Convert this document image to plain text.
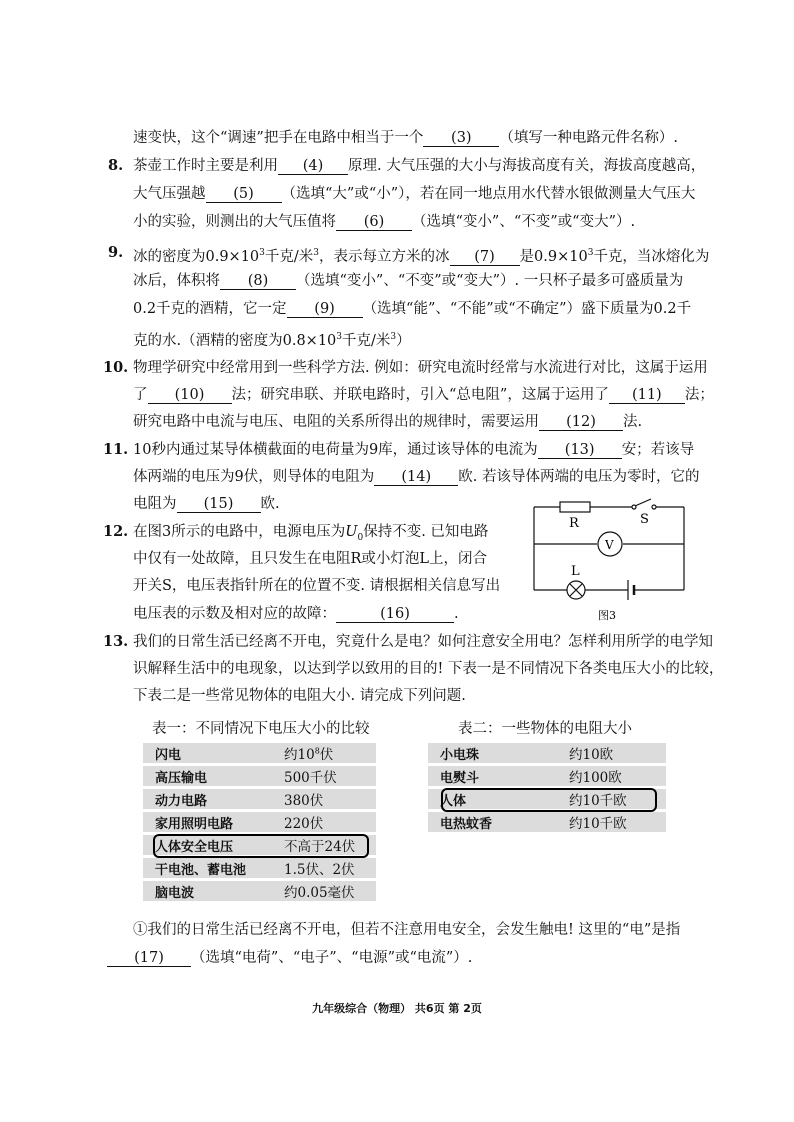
速变快，这个“调速”把手在电路中相当于一个 (3) （填写一种电路元件名称）.
8. 茶壶工作时主要是利用 (4) 原理. 大气压强的大小与海拔高度有关，海拔高度越高，
大气压强越 (5) （选填“大”或“小”），若在同一地点用水代替水银做测量大气压大
小的实验，则测出的大气压值将 (6) （选填“变小”、“不变”或“变大”）.
9. 冰的密度为$0.9\times 10^3$千克/米$^3$，表示每立方米的冰 (7) 是$0.9\times 10^3$千克，当冰熔化为
冰后，体积将 (8) （选填“变小”、“不变”或“变大”）. 一只杯子最多可盛质量为
0.2千克的酒精，它一定 (9) （选填“能”、“不能”或“不确定”）盛下质量为0.2千
克的水.（酒精的密度为$0.8\times 10^3$千克/米$^3$）
10. 物理学研究中经常用到一些科学方法. 例如：研究电流时经常与水流进行对比，这属于运用
了 (10) 法；研究串联、并联电路时，引入“总电阻”，这属于运用了 (11) 法；
研究电路中电流与电压、电阻的关系所得出的规律时，需要运用 (12) 法.
11. 10秒内通过某导体横截面的电荷量为9库，通过该导体的电流为 (13) 安；若该导
体两端的电压为9伏，则导体的电阻为 (14) 欧. 若该导体两端的电压为零时，它的
电阻为 (15) 欧.
12. 在图3所示的电路中，电源电压为$U_0$保持不变. 已知电路
中仅有一处故障，且只发生在电阻R或小灯泡L上，闭合
开关S，电压表指针所在的位置不变. 请根据相关信息写出
电压表的示数及相对应的故障：	(16)	.
R	S
V
L
图3
13. 我们的日常生活已经离不开电，究竟什么是电？如何注意安全用电？怎样利用所学的电学知
识解释生活中的电现象，以达到学以致用的目的! 下表一是不同情况下各类电压大小的比较，
下表二是一些常见物体的电阻大小. 请完成下列问题.
表一：不同情况下电压大小的比较	表二：一些物体的电阻大小
闪电	约$10^8$伏
高压输电	500千伏
动力电路	380伏
家用照明电路	220伏
人体安全电压	不高于24伏
干电池、蓄电池	1.5伏、2伏
脑电波	约0.05毫伏
小电珠	约10欧
电熨斗	约100欧
人体	约10千欧
电热蚊香	约10千欧
①我们的日常生活已经离不开电，但若不注意用电安全，会发生触电! 这里的“电”是指
(17) （选填“电荷”、“电子”、“电源”或“电流”）.
九年级综合（物理） 共6页 第 2页
